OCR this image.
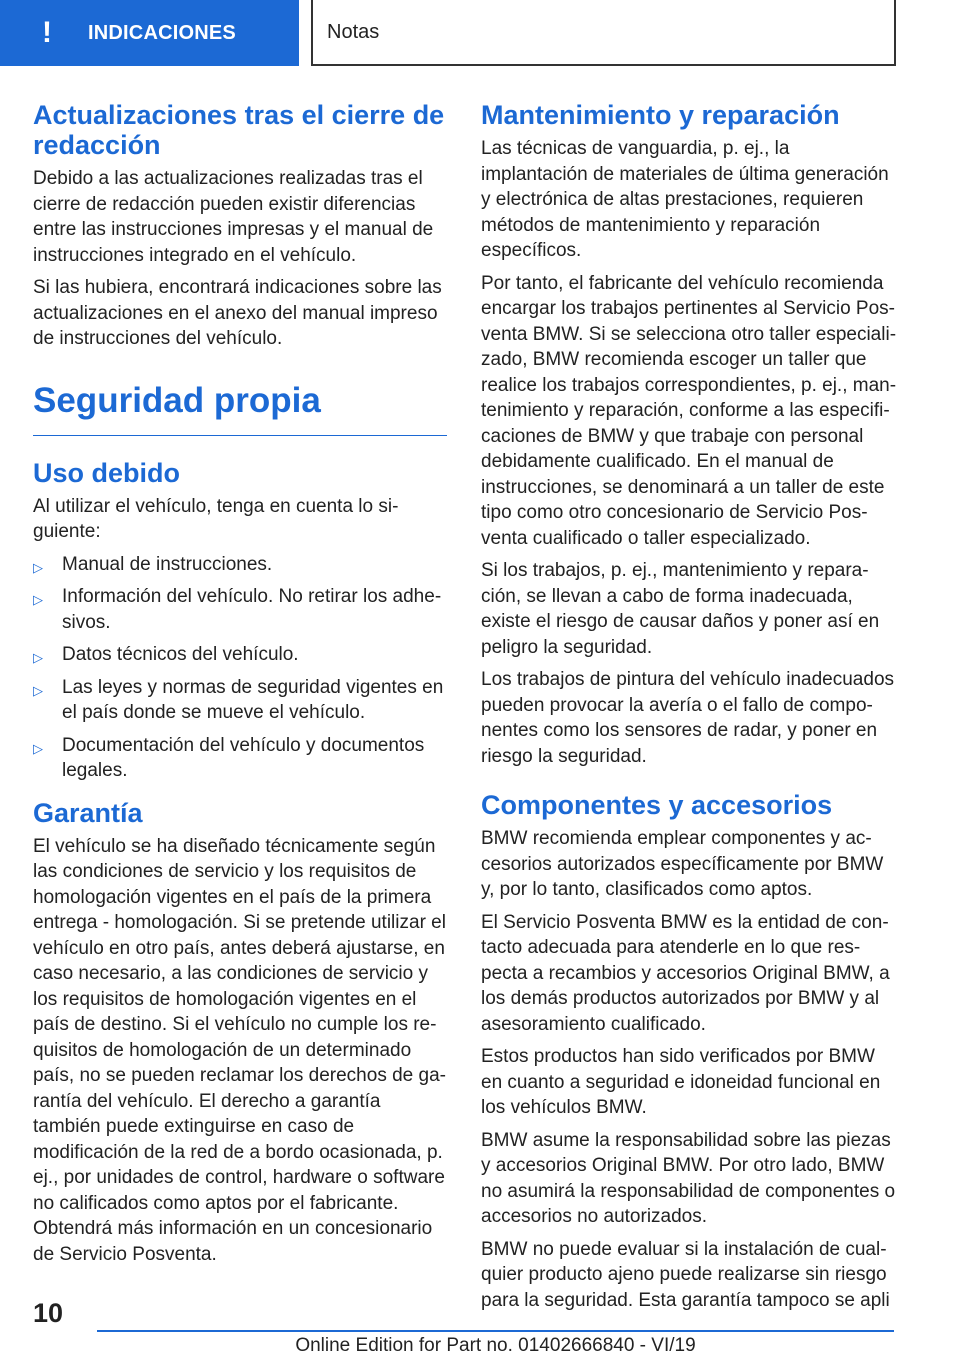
! INDICACIONES	Notas
Actualizaciones tras el cierre de redacción

Debido a las actualizaciones realizadas tras el cierre de redacción pueden existir diferencias entre las instrucciones impresas y el manual de instrucciones integrado en el vehículo.

Si las hubiera, encontrará indicaciones sobre las actualizaciones en el anexo del manual impreso de instrucciones del vehículo.

Seguridad propia
Uso debido

Al utilizar el vehículo, tenga en cuenta lo siguiente:

▷ Manual de instrucciones.
▷ Información del vehículo. No retirar los adhesivos.
▷ Datos técnicos del vehículo.
▷ Las leyes y normas de seguridad vigentes en el país donde se mueve el vehículo.
▷ Documentación del vehículo y documentos legales.
Garantía

El vehículo se ha diseñado técnicamente según las condiciones de servicio y los requisitos de homologación vigentes en el país de la primera entrega - homologación. Si se pretende utilizar el vehículo en otro país, antes deberá ajustarse, en caso necesario, a las condiciones de servicio y los requisitos de homologación vigentes en el país de destino. Si el vehículo no cumple los requisitos de homologación de un determinado país, no se pueden reclamar los derechos de garantía del vehículo. El derecho a garantía también puede extinguirse en caso de modificación de la red de a bordo ocasionada, p. ej., por unidades de control, hardware o software no calificados como aptos por el fabricante. Obtendrá más información en un concesionario de Servicio Posventa.

Mantenimiento y reparación

Las técnicas de vanguardia, p. ej., la implantación de materiales de última generación y electrónica de altas prestaciones, requieren métodos de mantenimiento y reparación específicos.

Por tanto, el fabricante del vehículo recomienda encargar los trabajos pertinentes al Servicio Posventa BMW. Si se selecciona otro taller especializado, BMW recomienda escoger un taller que realice los trabajos correspondientes, p. ej., mantenimiento y reparación, conforme a las especificaciones de BMW y que trabaje con personal debidamente cualificado. En el manual de instrucciones, se denominará a un taller de este tipo como otro concesionario de Servicio Posventa cualificado o taller especializado.

Si los trabajos, p. ej., mantenimiento y reparación, se llevan a cabo de forma inadecuada, existe el riesgo de causar daños y poner así en peligro la seguridad.

Los trabajos de pintura del vehículo inadecuados pueden provocar la avería o el fallo de componentes como los sensores de radar, y poner en riesgo la seguridad.

Componentes y accesorios

BMW recomienda emplear componentes y accesorios autorizados específicamente por BMW y, por lo tanto, clasificados como aptos.

El Servicio Posventa BMW es la entidad de contacto adecuada para atenderle en lo que respecta a recambios y accesorios Original BMW, a los demás productos autorizados por BMW y al asesoramiento cualificado.

Estos productos han sido verificados por BMW en cuanto a seguridad e idoneidad funcional en los vehículos BMW.

BMW asume la responsabilidad sobre las piezas y accesorios Original BMW. Por otro lado, BMW no asumirá la responsabilidad de componentes o accesorios no autorizados.

BMW no puede evaluar si la instalación de cualquier producto ajeno puede realizarse sin riesgo para la seguridad. Esta garantía tampoco se apli

10
Online Edition for Part no. 01402666840 - VI/19
